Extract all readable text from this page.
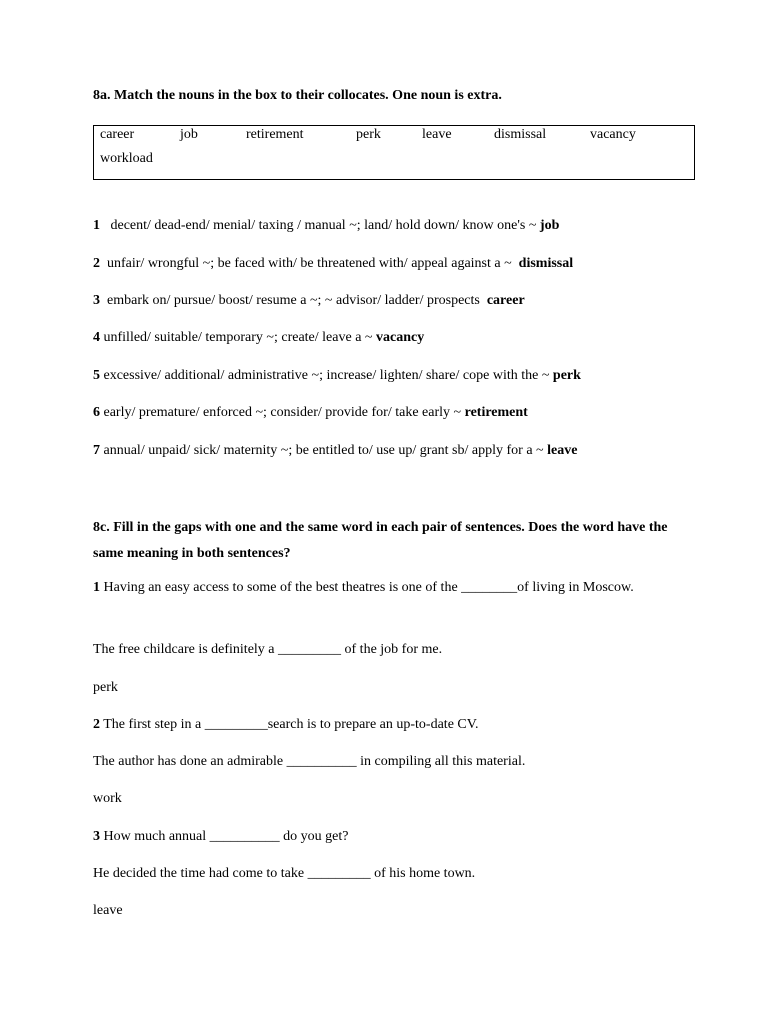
8a. Match the nouns in the box to their collocates. One noun is extra.
career	job	retirement	perk	leave	dismissal	vacancy
workload
1 decent/ dead-end/ menial/ taxing / manual ~; land/ hold down/ know one's ~ job
2 unfair/ wrongful ~; be faced with/ be threatened with/ appeal against a ~ dismissal
3 embark on/ pursue/ boost/ resume a ~; ~ advisor/ ladder/ prospects career
4 unfilled/ suitable/ temporary ~; create/ leave a ~ vacancy
5 excessive/ additional/ administrative ~; increase/ lighten/ share/ cope with the ~ perk
6 early/ premature/ enforced ~; consider/ provide for/ take early ~ retirement
7 annual/ unpaid/ sick/ maternity ~; be entitled to/ use up/ grant sb/ apply for a ~ leave
8c. Fill in the gaps with one and the same word in each pair of sentences. Does the word have the same meaning in both sentences?
1 Having an easy access to some of the best theatres is one of the ________of living in Moscow.
The free childcare is definitely a _________ of the job for me.
perk
2 The first step in a _________search is to prepare an up-to-date CV.
The author has done an admirable __________ in compiling all this material.
work
3 How much annual __________ do you get?
He decided the time had come to take _________ of his home town.
leave
